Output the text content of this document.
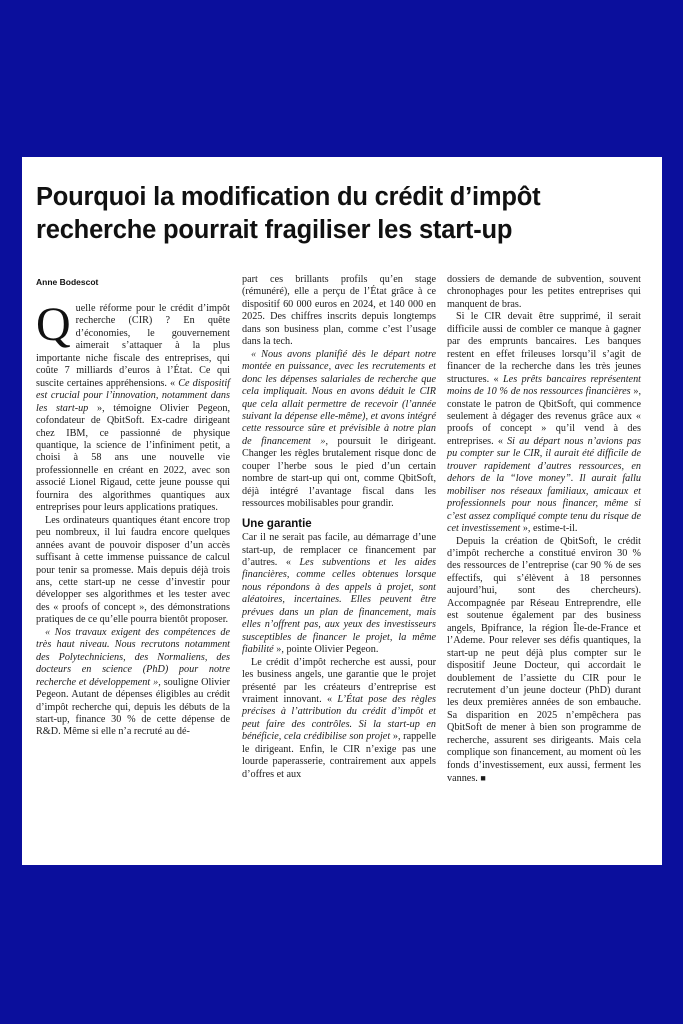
Pourquoi la modification du crédit d’impôt recherche pourrait fragiliser les start-up
Anne Bodescot

Quelle réforme pour le crédit d’impôt recherche (CIR) ? En quête d’économies, le gouvernement aimerait s’attaquer à la plus importante niche fiscale des entreprises, qui coûte 7 milliards d’euros à l’État. Ce qui suscite certaines appréhensions. « Ce dispositif est crucial pour l’innovation, notamment dans les start-up », témoigne Olivier Pegeon, cofondateur de QbitSoft. Ex-cadre dirigeant chez IBM, ce passionné de physique quantique, la science de l’infiniment petit, a choisi à 58 ans une nouvelle vie professionnelle en créant en 2022, avec son associé Lionel Rigaud, cette jeune pousse qui fournira des algorithmes quantiques aux entreprises pour leurs applications pratiques.

Les ordinateurs quantiques étant encore trop peu nombreux, il lui faudra encore quelques années avant de pouvoir disposer d’un accès suffisant à cette immense puissance de calcul pour tenir sa promesse. Mais depuis déjà trois ans, cette start-up ne cesse d’investir pour développer ses algorithmes et les tester avec des « proofs of concept », des démonstrations pratiques de ce qu’elle pourra bientôt proposer.

« Nos travaux exigent des compétences de très haut niveau. Nous recrutons notamment des Polytechniciens, des Normaliens, des docteurs en science (PhD) pour notre recherche et développement », souligne Olivier Pegeon. Autant de dépenses éligibles au crédit d’impôt recherche qui, depuis les débuts de la start-up, finance 30 % de cette dépense de R&D. Même si elle n’a recruté au dé-

part ces brillants profils qu’en stage (rémunéré), elle a perçu de l’État grâce à ce dispositif 60 000 euros en 2024, et 140 000 en 2025. Des chiffres inscrits depuis longtemps dans son business plan, comme c’est l’usage dans la tech.

« Nous avons planifié dès le départ notre montée en puissance, avec les recrutements et donc les dépenses salariales de recherche que cela impliquait. Nous en avons déduit le CIR que cela allait permettre de recevoir (l’année suivant la dépense elle-même), et avons intégré cette ressource sûre et prévisible à notre plan de financement », poursuit le dirigeant. Changer les règles brutalement risque donc de couper l’herbe sous le pied d’un certain nombre de start-up qui ont, comme QbitSoft, déjà intégré l’avantage fiscal dans les ressources mobilisables pour grandir.

Une garantie

Car il ne serait pas facile, au démarrage d’une start-up, de remplacer ce financement par d’autres. « Les subventions et les aides financières, comme celles obtenues lorsque nous répondons à des appels à projet, sont aléatoires, incertaines. Elles peuvent être prévues dans un plan de financement, mais elles n’offrent pas, aux yeux des investisseurs susceptibles de financer le projet, la même fiabilité », pointe Olivier Pegeon.

Le crédit d’impôt recherche est aussi, pour les business angels, une garantie que le projet présenté par les créateurs d’entreprise est vraiment innovant. « L’État pose des règles précises à l’attribution du crédit d’impôt et peut faire des contrôles. Si la start-up en bénéficie, cela crédibilise son projet », rappelle le dirigeant. Enfin, le CIR n’exige pas une lourde paperasserie, contrairement aux appels d’offres et aux

dossiers de demande de subvention, souvent chronophages pour les petites entreprises qui manquent de bras.

Si le CIR devait être supprimé, il serait difficile aussi de combler ce manque à gagner par des emprunts bancaires. Les banques restent en effet frileuses lorsqu’il s’agit de financer de la recherche dans les très jeunes structures. « Les prêts bancaires représentent moins de 10 % de nos ressources financières », constate le patron de QbitSoft, qui commence seulement à dégager des revenus grâce aux « proofs of concept » qu’il vend à des entreprises. « Si au départ nous n’avions pas pu compter sur le CIR, il aurait été difficile de trouver rapidement d’autres ressources, en dehors de la “love money”. Il aurait fallu mobiliser nos réseaux familiaux, amicaux et professionnels pour nous financer, même si c’est assez compliqué compte tenu du risque de cet investissement », estime-t-il.

Depuis la création de QbitSoft, le crédit d’impôt recherche a constitué environ 30 % des ressources de l’entreprise (car 90 % de ses effectifs, qui s’élèvent à 18 personnes aujourd’hui, sont des chercheurs). Accompagnée par Réseau Entreprendre, elle est soutenue également par des business angels, Bpifrance, la région Île-de-France et l’Ademe. Pour relever ses défis quantiques, la start-up ne peut déjà plus compter sur le dispositif Jeune Docteur, qui accordait le doublement de l’assiette du CIR pour le recrutement d’un jeune docteur (PhD) durant les deux premières années de son embauche. Sa disparition en 2025 n’empêchera pas QbitSoft de mener à bien son programme de recherche, assurent ses dirigeants. Mais cela complique son financement, au moment où les fonds d’investissement, eux aussi, ferment les vannes. ■
